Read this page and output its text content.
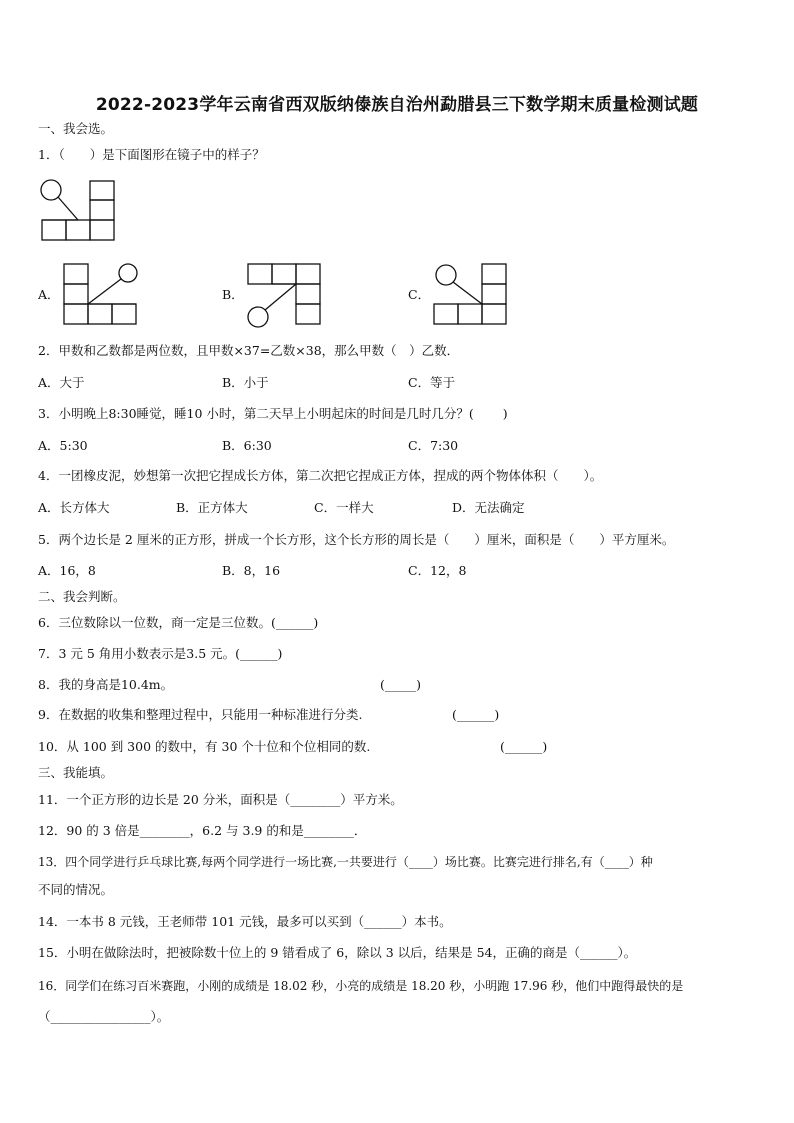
2022-2023学年云南省西双版纳傣族自治州勐腊县三下数学期末质量检测试题
一、我会选。
1．（　　）是下面图形在镜子中的样子？
A．	B．	C．
2．甲数和乙数都是两位数，且甲数×37=乙数×38，那么甲数（　）乙数．
A．大于	B．小于	C．等于
3．小明晚上8:30睡觉，睡10 小时，第二天早上小明起床的时间是几时几分？(　　 )
A．5:30	B．6:30	C．7:30
4．一团橡皮泥，妙想第一次把它捏成长方体，第二次把它捏成正方体，捏成的两个物体体积（　　）。
A．长方体大	B．正方体大	C．一样大	D．无法确定
5．两个边长是 2 厘米的正方形，拼成一个长方形，这个长方形的周长是（　　）厘米，面积是（　　）平方厘米。
A．16，8	B．8，16	C．12，8
二、我会判断。
6．三位数除以一位数，商一定是三位数。(______)
7．3 元 5 角用小数表示是3.5 元。(______)
8．我的身高是10.4m。	(_____)
9．在数据的收集和整理过程中，只能用一种标准进行分类.	(______)
10．从 100 到 300 的数中，有 30 个十位和个位相同的数.	(______)
三、我能填。
11．一个正方形的边长是 20 分米，面积是（________）平方米。
12．90 的 3 倍是________，6.2 与 3.9 的和是________．
13．四个同学进行乒乓球比赛,每两个同学进行一场比赛,一共要进行（____）场比赛。比赛完进行排名,有（____）种
不同的情况。
14．一本书 8 元钱，王老师带 101 元钱，最多可以买到（______）本书。
15．小明在做除法时，把被除数十位上的 9 错看成了 6，除以 3 以后，结果是 54，正确的商是（______）。
16．同学们在练习百米赛跑，小刚的成绩是 18.02 秒，小亮的成绩是 18.20 秒，小明跑 17.96 秒，他们中跑得最快的是
（________________）。
